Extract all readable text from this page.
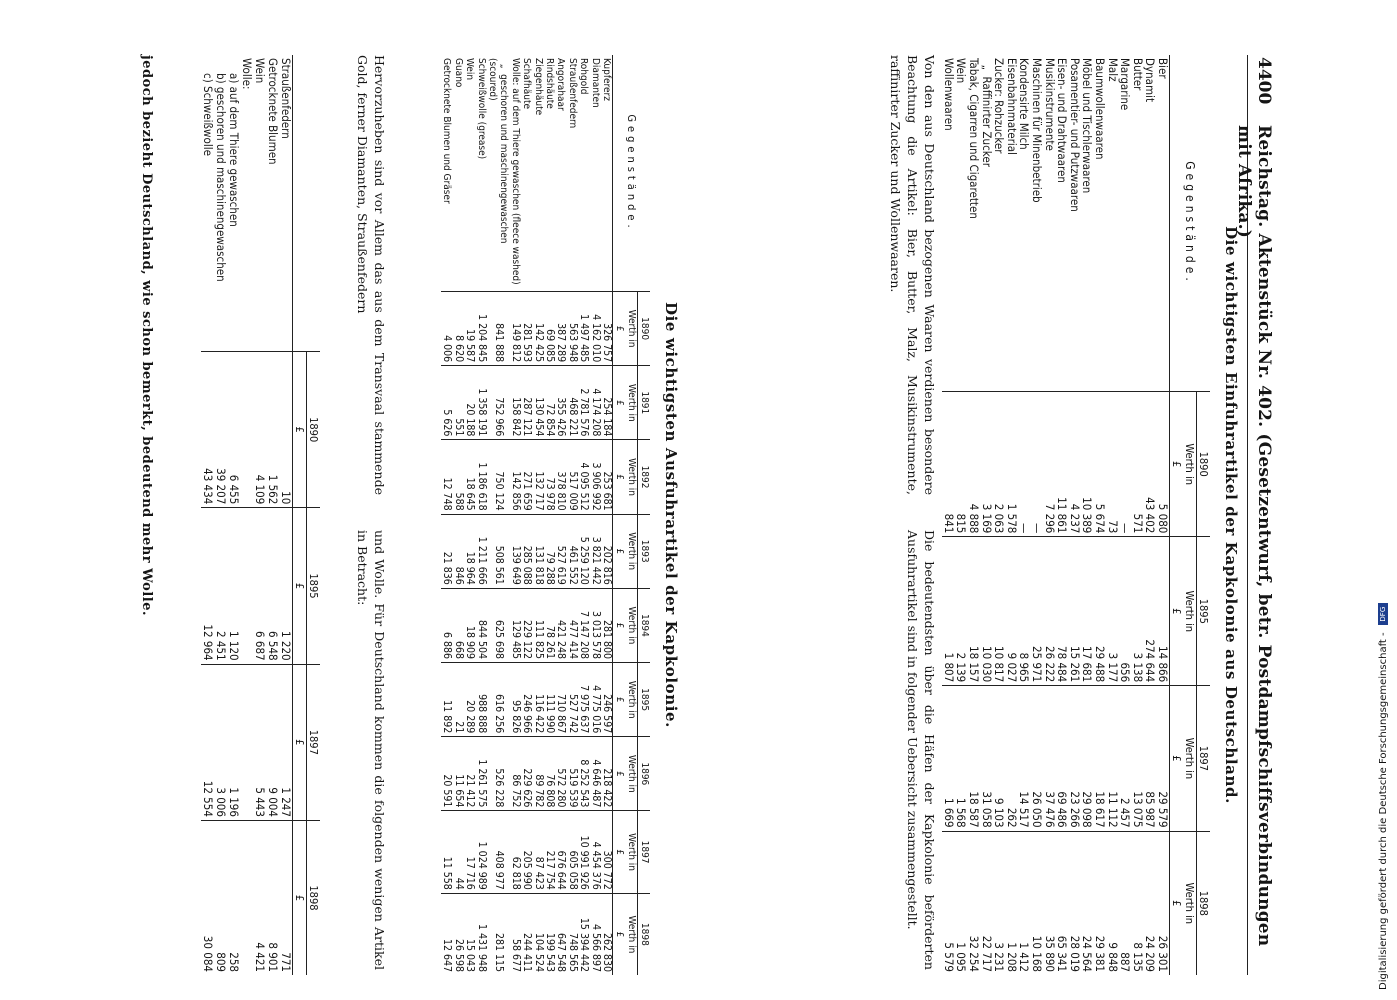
4400
Reichstag. Aktenstück Nr. 402. (Gesetzentwurf, betr. Postdampfschiffsverbindungen mit Afrika.)
Die wichtigsten Einfuhrartikel der Kapkolonie aus Deutschland.
Gegenstände.	1890	1895	1897	1898
	Werth in	Werth in	Werth in	Werth in
	£	£	£	£
Bier	5 080	14 866	29 579	26 301
Dynamit	43 402	274 644	85 987	24 209
Butter	571	3 138	13 075	8 135
Margarine	—	656	2 457	887
Malz	73	3 177	11 112	9 848
Baumwollenwaaren	5 674	29 488	18 617	29 381
Möbel und Tischlerwaaren	10 389	17 681	29 098	24 564
Posamentier- und Putzwaaren	4 237	15 261	23 266	28 019
Eisen- und Drahtwaaren	11 861	78 484	69 486	65 341
Musikinstrumente	7 296	26 222	37 476	35 890
Maschinen für Minenbetrieb	—	25 971	26 050	10 168
Kondensirte Milch	—	8 965	14 517	1 412
Eisenbahnmaterial	1 578	9 027	262	1 208
Zucker: Rohzucker	2 063	10 817	9 103	3 231
„  Raffinirter Zucker	3 169	10 030	31 058	22 717
Tabak, Cigarren und Cigaretten	4 888	18 157	18 587	32 254
Wein	815	2 139	1 568	1 095
Wollenwaaren	841	1 807	1 669	5 579
Von den aus Deutschland bezogenen Waaren verdienen besondere Beachtung die Artikel: Bier, Butter, Malz, Musikinstrumente, raffinirter Zucker und Wollenwaaren.
Die bedeutendsten über die Häfen der Kapkolonie beförderten Ausfuhrartikel sind in folgender Uebersicht zusammengestellt.
Die wichtigsten Ausfuhrartikel der Kapkolonie.
Gegenstände.	1890	1891	1892	1893	1894	1895	1896	1897	1898
	Werth in	Werth in	Werth in	Werth in	Werth in	Werth in	Werth in	Werth in	Werth in
	£	£	£	£	£	£	£	£	£
Kupfererz	326 757	254 184	253 681	202 816	281 800	246 597	218 422	300 772	262 830
Diamanten	4 162 010	4 174 208	3 906 992	3 821 442	3 013 578	4 775 016	4 646 487	4 454 376	4 566 897
Rohgold	1 497 485	2 781 576	4 095 512	5 259 120	7 147 208	7 975 637	8 252 543	10 991 926	15 394 442
Straußenfedern	563 948	468 221	517 009	461 552	477 414	527 742	519 539	605 058	748 565
Angorahaar	387 289	355 426	378 810	527 619	421 248	710 867	572 280	676 644	647 548
Rindshäute	69 085	72 854	73 978	79 288	78 261	111 990	76 808	217 754	199 543
Ziegenhäute	142 425	130 454	132 717	131 818	111 825	116 422	89 782	87 423	104 524
Schafhäute	281 593	287 121	271 659	285 088	229 122	246 966	229 626	205 990	244 411
Wolle: auf dem Thiere gewaschen (fleece washed)	149 812	158 842	142 856	139 649	129 485	95 826	86 752	62 818	58 677
„  geschoren und maschinengewaschen (scoured)	841 888	752 966	750 124	508 561	625 698	616 256	526 228	408 977	281 115
Schweißwolle (grease)	1 204 845	1 358 191	1 186 618	1 211 666	844 504	988 888	1 261 575	1 024 989	1 431 948
Wein	19 587	20 188	18 645	18 964	18 909	20 289	21 412	17 716	15 043
Guano	8 620	551	588	846	668	21	11 654	44	26 598
Getrocknete Blumen und Gräser	4 006	5 626	12 748	21 836	6 886	11 892	20 591	11 558	12 647
Hervorzuheben sind vor Allem das aus dem Transvaal stammende Gold, ferner Diamanten, Straußenfedern
und Wolle. Für Deutschland kommen die folgenden wenigen Artikel in Betracht:
	1890	1895	1897	1898
	£	£	£	£
Straußenfedern	10	1 220	1 247	771
Getrocknete Blumen	1 562	6 548	9 004	8 901
Wein	4 109	6 687	5 443	4 421
Wolle:				
a) auf dem Thiere gewaschen	6 455	1 120	1 196	258
b) geschoren und maschinengewaschen	39 207	2 451	3 006	809
c) Schweißwolle	43 434	12 964	12 554	30 084
jedoch bezieht Deutschland, wie schon bemerkt, bedeutend mehr Wolle.
Digitalisierung gefördert durch die Deutsche Forschungsgemeinschaft - DFG
